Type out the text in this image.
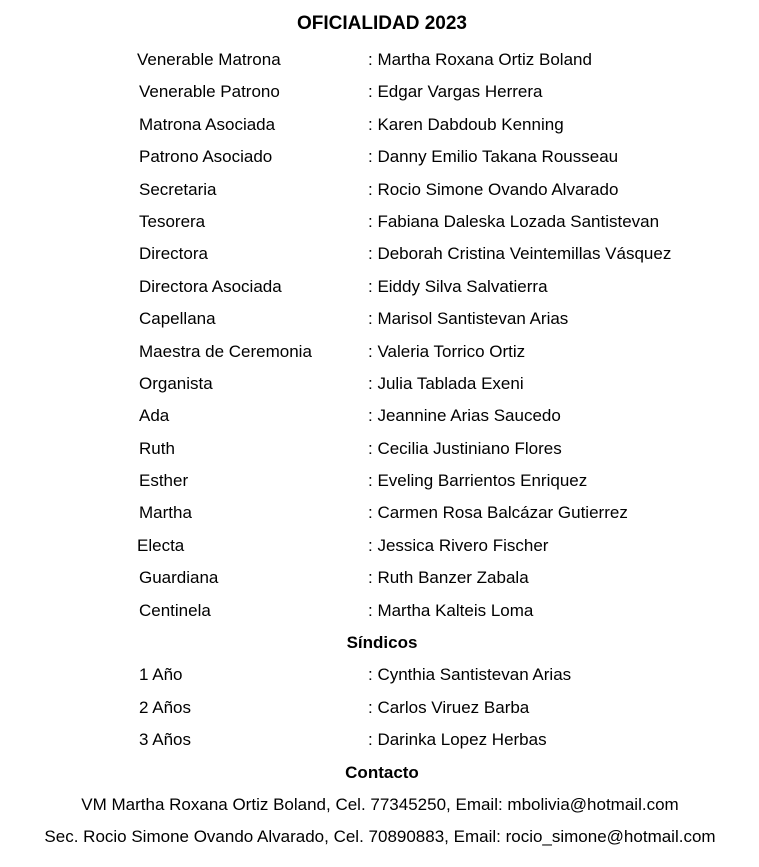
OFICIALIDAD 2023
Venerable Matrona	: Martha Roxana Ortiz Boland
Venerable Patrono	: Edgar Vargas Herrera
Matrona Asociada	: Karen Dabdoub Kenning
Patrono Asociado	: Danny Emilio Takana Rousseau
Secretaria	: Rocio Simone Ovando Alvarado
Tesorera	: Fabiana Daleska Lozada Santistevan
Directora	: Deborah Cristina Veintemillas Vásquez
Directora Asociada	: Eiddy Silva Salvatierra
Capellana	: Marisol Santistevan Arias
Maestra de Ceremonia	: Valeria Torrico Ortiz
Organista	: Julia Tablada Exeni
Ada	: Jeannine Arias Saucedo
Ruth	: Cecilia Justiniano Flores
Esther	: Eveling Barrientos Enriquez
Martha	: Carmen Rosa Balcázar Gutierrez
Electa	: Jessica Rivero Fischer
Guardiana	: Ruth Banzer Zabala
Centinela	: Martha Kalteis Loma
Síndicos
1 Año	: Cynthia Santistevan Arias
2 Años	: Carlos Viruez Barba
3 Años	: Darinka Lopez Herbas
Contacto
VM Martha Roxana Ortiz Boland, Cel. 77345250, Email: mbolivia@hotmail.com
Sec. Rocio Simone Ovando Alvarado, Cel. 70890883, Email: rocio_simone@hotmail.com
